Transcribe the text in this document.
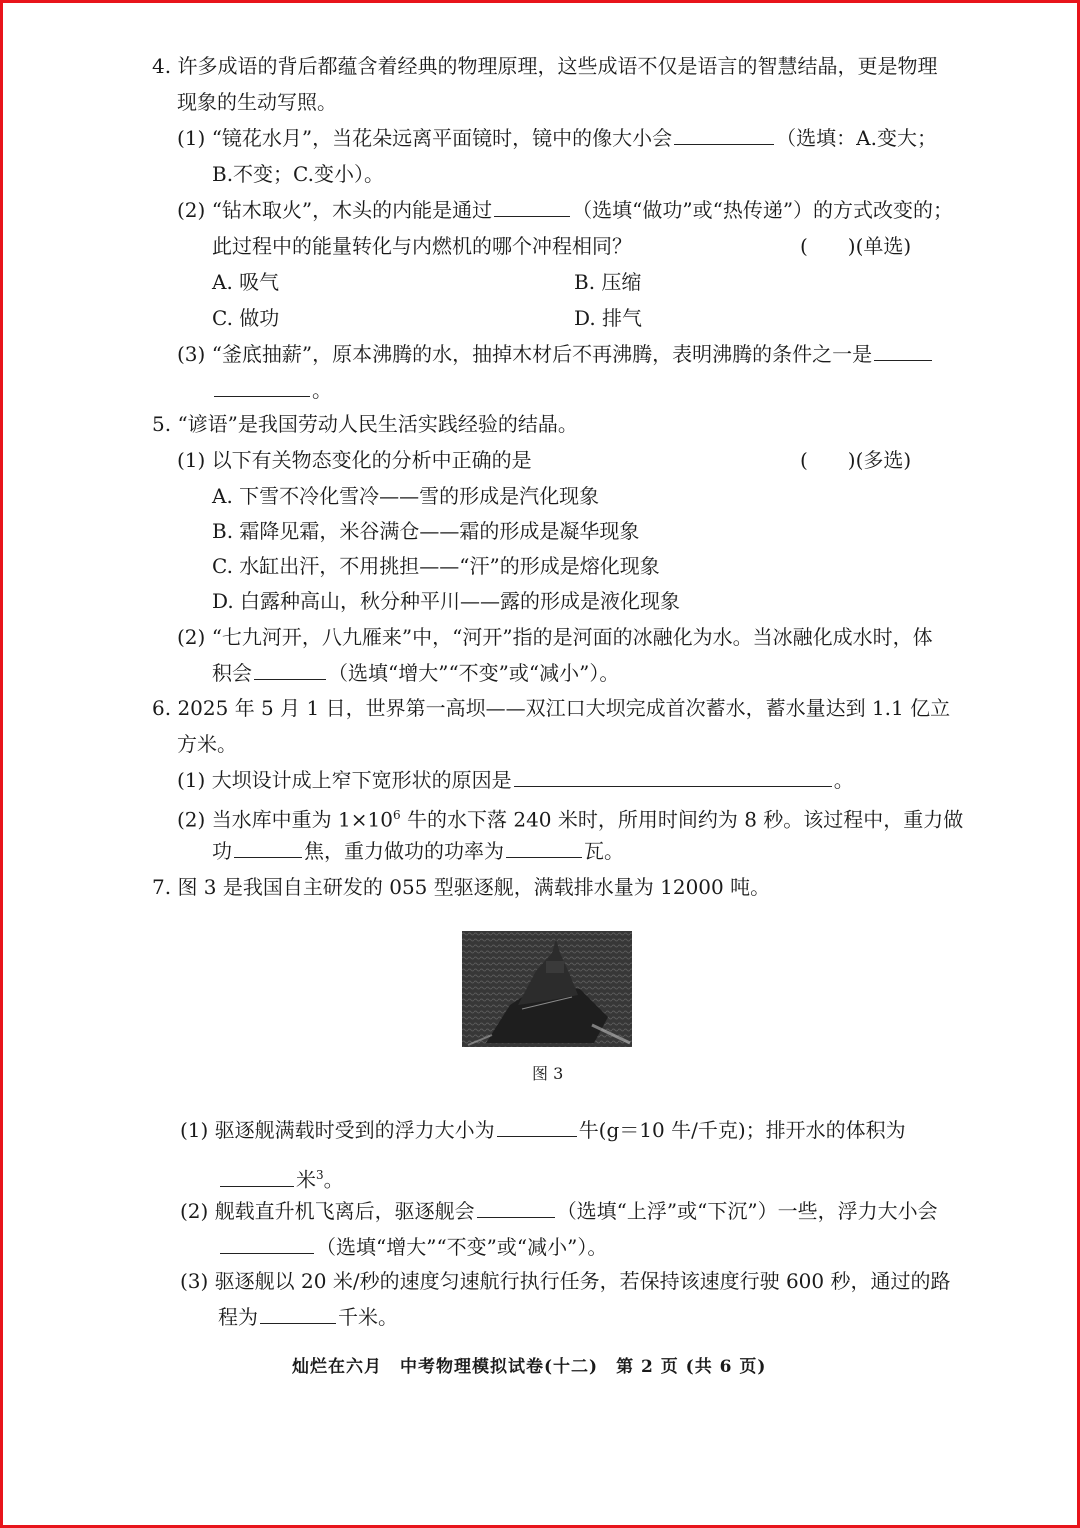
4. 许多成语的背后都蕴含着经典的物理原理，这些成语不仅是语言的智慧结晶，更是物理
现象的生动写照。
(1) “镜花水月”，当花朵远离平面镜时，镜中的像大小会	（选填：A.变大；
B.不变；C.变小）。
(2) “钻木取火”，木头的内能是通过	（选填“做功”或“热传递”）的方式改变的；
此过程中的能量转化与内燃机的哪个冲程相同？	(　　)(单选)
A. 吸气	B. 压缩
C. 做功	D. 排气
(3) “釜底抽薪”，原本沸腾的水，抽掉木材后不再沸腾，表明沸腾的条件之一是
。
5. “谚语”是我国劳动人民生活实践经验的结晶。
(1) 以下有关物态变化的分析中正确的是	(　　)(多选)
A. 下雪不冷化雪冷——雪的形成是汽化现象
B. 霜降见霜，米谷满仓——霜的形成是凝华现象
C. 水缸出汗，不用挑担——“汗”的形成是熔化现象
D. 白露种高山，秋分种平川——露的形成是液化现象
(2) “七九河开，八九雁来”中，“河开”指的是河面的冰融化为水。当冰融化成水时，体
积会	（选填“增大”“不变”或“减小”）。
6. 2025 年 5 月 1 日，世界第一高坝——双江口大坝完成首次蓄水，蓄水量达到 1.1 亿立
方米。
(1) 大坝设计成上窄下宽形状的原因是	。
(2) 当水库中重为 $1\times 10^6$ 牛的水下落 240 米时，所用时间约为 8 秒。该过程中，重力做
功	焦，重力做功的功率为	瓦。
7. 图 3 是我国自主研发的 055 型驱逐舰，满载排水量为 12000 吨。
图 3
(1) 驱逐舰满载时受到的浮力大小为	牛(g＝10 牛/千克)；排开水的体积为
米$^3$。
(2) 舰载直升机飞离后，驱逐舰会	（选填“上浮”或“下沉”）一些，浮力大小会
（选填“增大”“不变”或“减小”）。
(3) 驱逐舰以 20 米/秒的速度匀速航行执行任务，若保持该速度行驶 600 秒，通过的路
程为	千米。
灿烂在六月　中考物理模拟试卷(十二)　第 2 页 (共 6 页)
